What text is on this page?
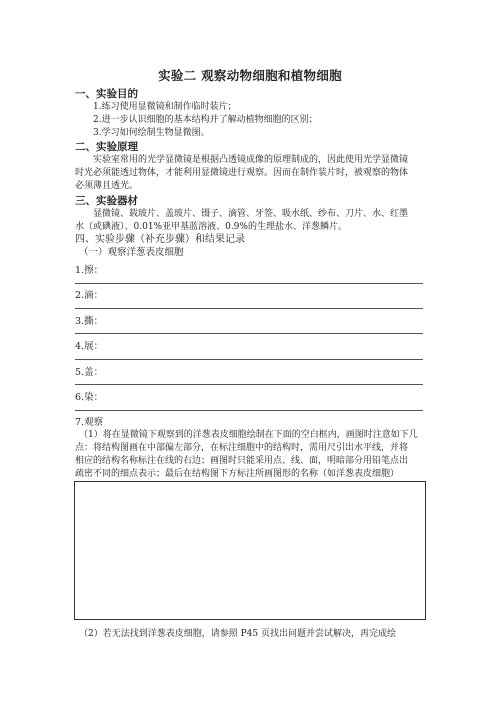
实验二 观察动物细胞和植物细胞
一、实验目的
1.练习使用显微镜和制作临时装片；
2.进一步认识细胞的基本结构并了解动植物细胞的区别；
3.学习如何绘制生物显微图。
二、实验原理
实验室常用的光学显微镜是根据凸透镜成像的原理制成的，因此使用光学显微镜
时光必须能透过物体，才能利用显微镜进行观察。因而在制作装片时，被观察的物体
必须薄且透光。
三、实验器材
显微镜、载玻片、盖玻片、镊子、滴管、牙签、吸水纸、纱布、刀片、水、红墨
水（或碘液）、0.01%亚甲基蓝溶液、0.9%的生理盐水、洋葱鳞片。
四、实验步骤（补充步骤）和结果记录
（一）观察洋葱表皮细胞
1.擦：
2.滴：
3.撕：
4.展：
5.盖：
6.染：
7.观察
（1）将在显微镜下观察到的洋葱表皮细胞绘制在下面的空白框内，画图时注意如下几
点：将结构图画在中部偏左部分，在标注细胞中的结构时，需用尺引出水平线，并将
相应的结构名称标注在线的右边；画图时只能采用点、线、面，明暗部分用铅笔点出
疏密不同的细点表示；最后在结构图下方标注所画图形的名称（如洋葱表皮细胞）
（2）若无法找到洋葱表皮细胞，请参照 P45 页找出问题并尝试解决，再完成绘
